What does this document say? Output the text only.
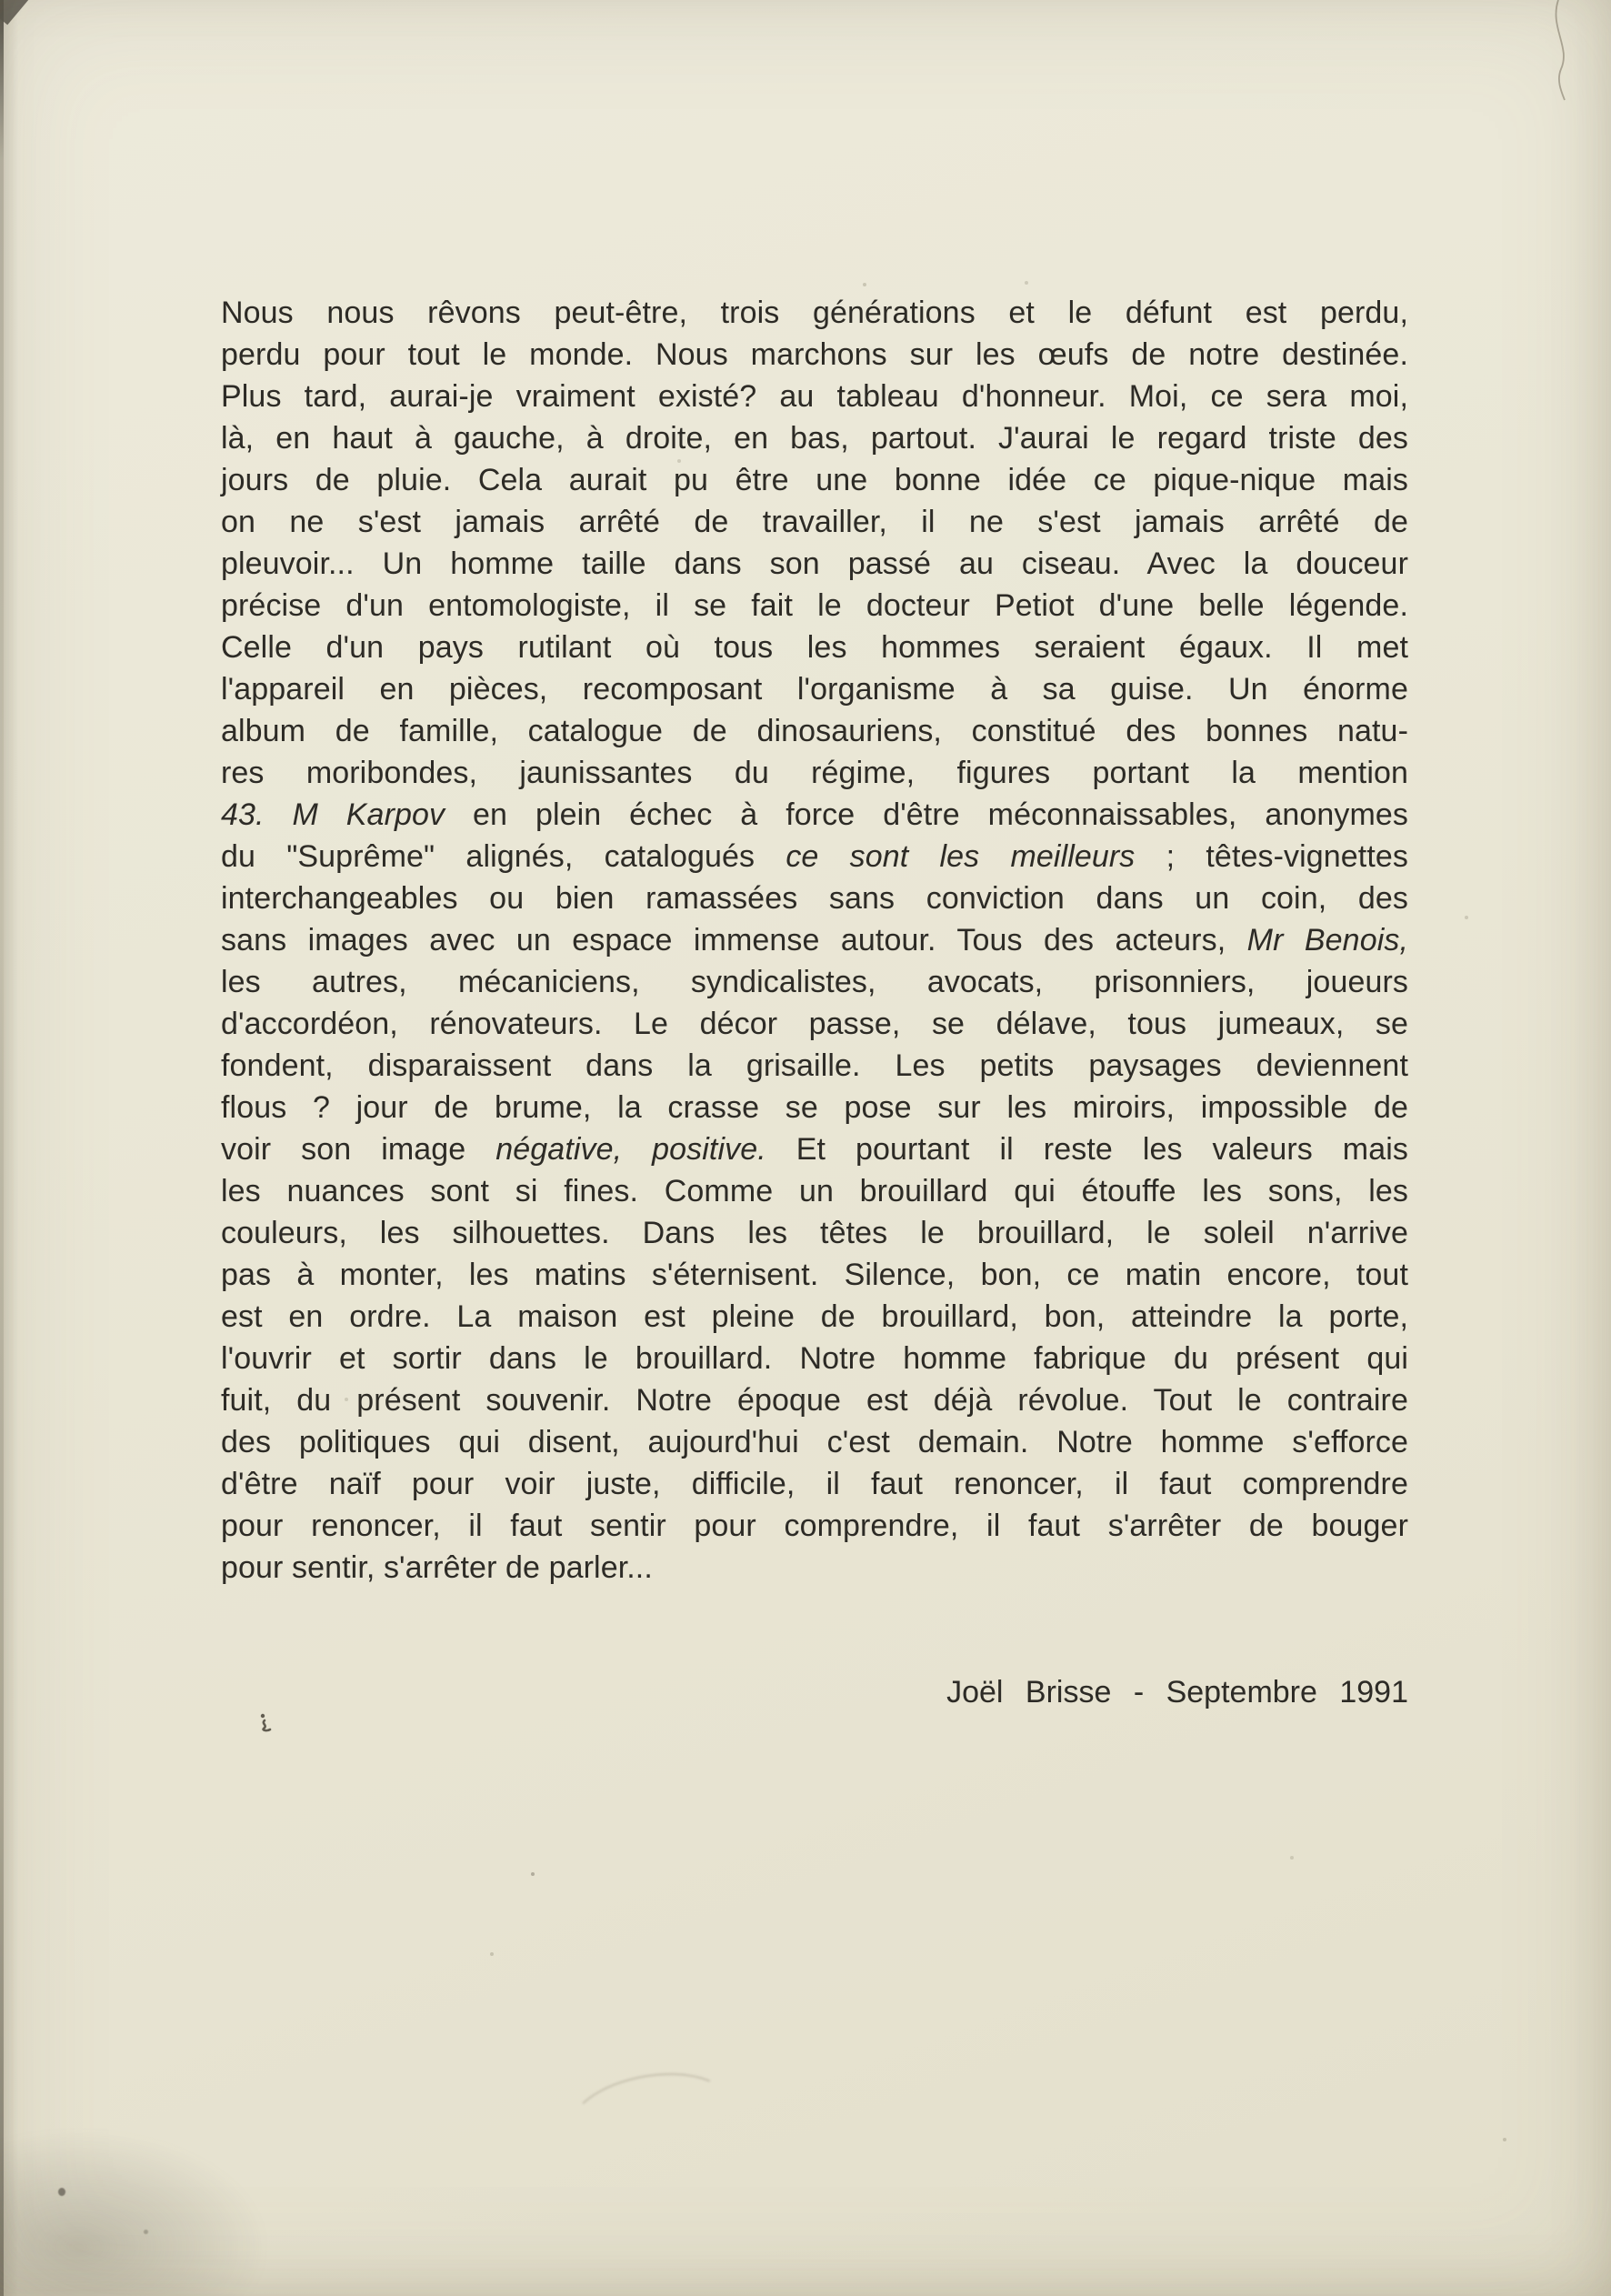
Nous nous rêvons peut-être, trois générations et le défunt est perdu,
perdu pour tout le monde. Nous marchons sur les œufs de notre destinée.
Plus tard, aurai-je vraiment existé? au tableau d'honneur. Moi, ce sera moi,
là, en haut à gauche, à droite, en bas, partout. J'aurai le regard triste des
jours de pluie. Cela aurait pu être une bonne idée ce pique-nique mais
on ne s'est jamais arrêté de travailler, il ne s'est jamais arrêté de
pleuvoir... Un homme taille dans son passé au ciseau. Avec la douceur
précise d'un entomologiste, il se fait le docteur Petiot d'une belle légende.
Celle d'un pays rutilant où tous les hommes seraient égaux. Il met
l'appareil en pièces, recomposant l'organisme à sa guise. Un énorme
album de famille, catalogue de dinosauriens, constitué des bonnes natu-
res moribondes, jaunissantes du régime, figures portant la mention
43. M Karpov en plein échec à force d'être méconnaissables, anonymes
du "Suprême" alignés, catalogués ce sont les meilleurs ; têtes-vignettes
interchangeables ou bien ramassées sans conviction dans un coin, des
sans images avec un espace immense autour. Tous des acteurs, Mr Benois,
les autres, mécaniciens, syndicalistes, avocats, prisonniers, joueurs
d'accordéon, rénovateurs. Le décor passe, se délave, tous jumeaux, se
fondent, disparaissent dans la grisaille. Les petits paysages deviennent
flous ? jour de brume, la crasse se pose sur les miroirs, impossible de
voir son image négative, positive. Et pourtant il reste les valeurs mais
les nuances sont si fines. Comme un brouillard qui étouffe les sons, les
couleurs, les silhouettes. Dans les têtes le brouillard, le soleil n'arrive
pas à monter, les matins s'éternisent. Silence, bon, ce matin encore, tout
est en ordre. La maison est pleine de brouillard, bon, atteindre la porte,
l'ouvrir et sortir dans le brouillard. Notre homme fabrique du présent qui
fuit, du présent souvenir. Notre époque est déjà révolue. Tout le contraire
des politiques qui disent, aujourd'hui c'est demain. Notre homme s'efforce
d'être naïf pour voir juste, difficile, il faut renoncer, il faut comprendre
pour renoncer, il faut sentir pour comprendre, il faut s'arrêter de bouger
pour sentir, s'arrêter de parler...
Joël Brisse - Septembre 1991
